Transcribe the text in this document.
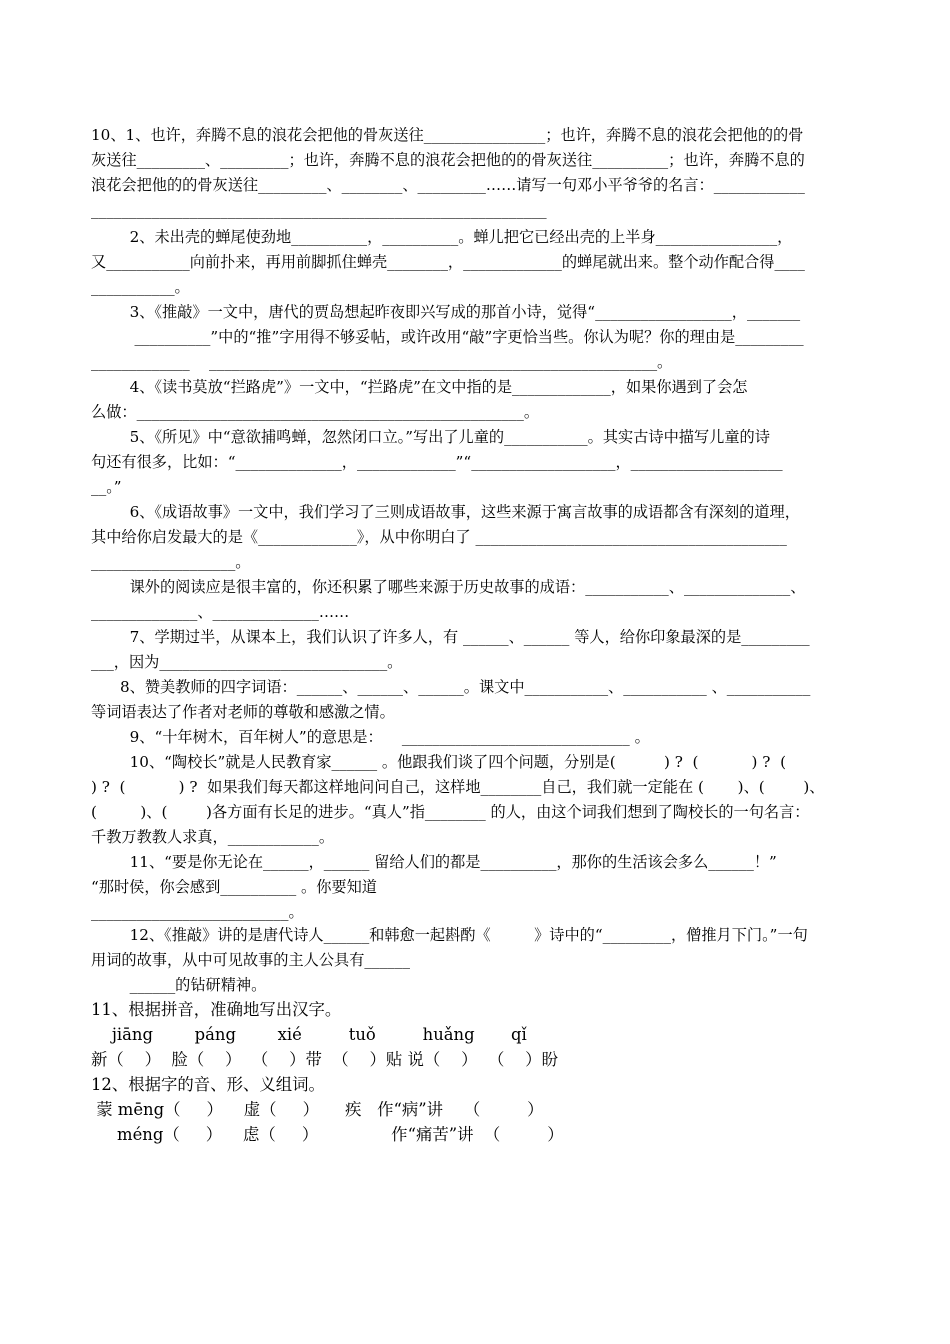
10、1、也许，奔腾不息的浪花会把他的骨灰送往________________；也许，奔腾不息的浪花会把他的的骨
灰送往_________、_________；也许，奔腾不息的浪花会把他的的骨灰送往__________；也许，奔腾不息的
浪花会把他的的骨灰送往_________、________、_________……请写一句邓小平爷爷的名言：____________
____________________________________________________________
2、未出壳的蝉尾使劲地__________，__________。蝉儿把它已经出壳的上半身________________，
又___________向前扑来，再用前脚抓住蝉壳________，_____________的蝉尾就出来。整个动作配合得____
___________。
3、《推敲》一文中，唐代的贾岛想起昨夜即兴写成的那首小诗，觉得“__________________，_______
__________”中的“推”字用得不够妥帖，或许改用“敲”字更恰当些。你认为呢？你的理由是_________
_____________    ___________________________________________________________。
4、《读书莫放“拦路虎”》一文中，“拦路虎”在文中指的是_____________，如果你遇到了会怎
么做：___________________________________________________。
5、《所见》中“意欲捕鸣蝉，忽然闭口立。”写出了儿童的___________。其实古诗中描写儿童的诗
句还有很多，比如：“______________，_____________”“___________________，____________________
__。”
6、《成语故事》一文中，我们学习了三则成语故事，这些来源于寓言故事的成语都含有深刻的道理，
其中给你启发最大的是《_____________》，从中你明白了 _________________________________________
___________________。
课外的阅读应是很丰富的，你还积累了哪些来源于历史故事的成语：___________、______________、
______________、______________……
7、学期过半，从课本上，我们认识了许多人，有 ______、______ 等人，给你印象最深的是_________
___，因为______________________________。
8、赞美教师的四字词语：______、______、______。课文中___________、___________ 、___________
等词语表达了作者对老师的尊敬和感激之情。
9、“十年树木，百年树人”的意思是：    ______________________________ 。
10、“陶校长”就是人民教育家______ 。他跟我们谈了四个问题，分别是(          ) ?  (           ) ?  (
) ?  (           ) ?  如果我们每天都这样地问问自己，这样地________自己，我们就一定能在 (       )、(        )、
(         )、(        )各方面有长足的进步。“真人”指________ 的人，由这个词我们想到了陶校长的一句名言：
千教万教教人求真，____________。
11、“要是你无论在______，______ 留给人们的都是__________，那你的生活该会多么______！”
“那时侯，你会感到__________ 。你要知道
__________________________。
12、《推敲》讲的是唐代诗人______和韩愈一起斟酌《         》诗中的“_________，僧推月下门。”一句
用词的故事，从中可见故事的主人公具有______
______的钻研精神。
11、根据拼音，准确地写出汉字。
jiāng        páng        xié         tuǒ         huǎng       qǐ
新（    ）  脸（    ）  （    ）带  （    ）贴 说（    ）  （    ）盼
12、根据字的音、形、义组词。
蒙 mēng（     ）    虚（     ）     疾   作“病”讲    （         ）
méng（     ）    虑（     ）              作“痛苦”讲  （         ）
